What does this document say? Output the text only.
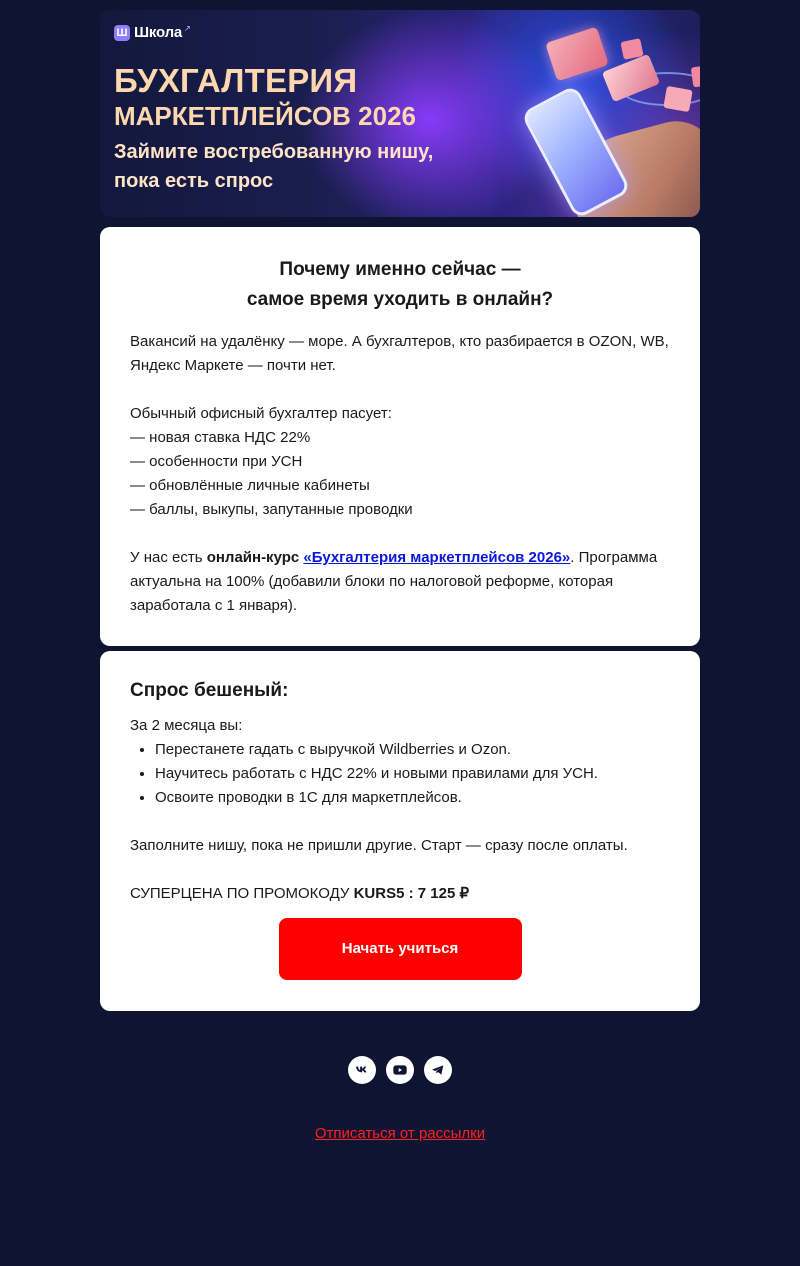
Ш Школа ↗
БУХГАЛТЕРИЯ
МАРКЕТПЛЕЙСОВ 2026
Займите востребованную нишу, пока есть спрос
Почему именно сейчас —
самое время уходить в онлайн?

Вакансий на удалёнку — море. А бухгалтеров, кто разбирается в OZON, WB, Яндекс Маркете — почти нет.

Обычный офисный бухгалтер пасует:

— новая ставка НДС 22%

— особенности при УСН

— обновлённые личные кабинеты

— баллы, выкупы, запутанные проводки

У нас есть онлайн-курс «Бухгалтерия маркетплейсов 2026». Программа актуальна на 100% (добавили блоки по налоговой реформе, которая заработала с 1 января).

Спрос бешеный:

За 2 месяца вы:

• Перестанете гадать с выручкой Wildberries и Ozon.
• Научитесь работать с НДС 22% и новыми правилами для УСН.
• Освоите проводки в 1С для маркетплейсов.

Заполните нишу, пока не пришли другие. Старт — сразу после оплаты.

СУПЕРЦЕНА ПО ПРОМОКОДУ KURS5 : 7 125 ₽

Начать учиться
Отписаться от рассылки
